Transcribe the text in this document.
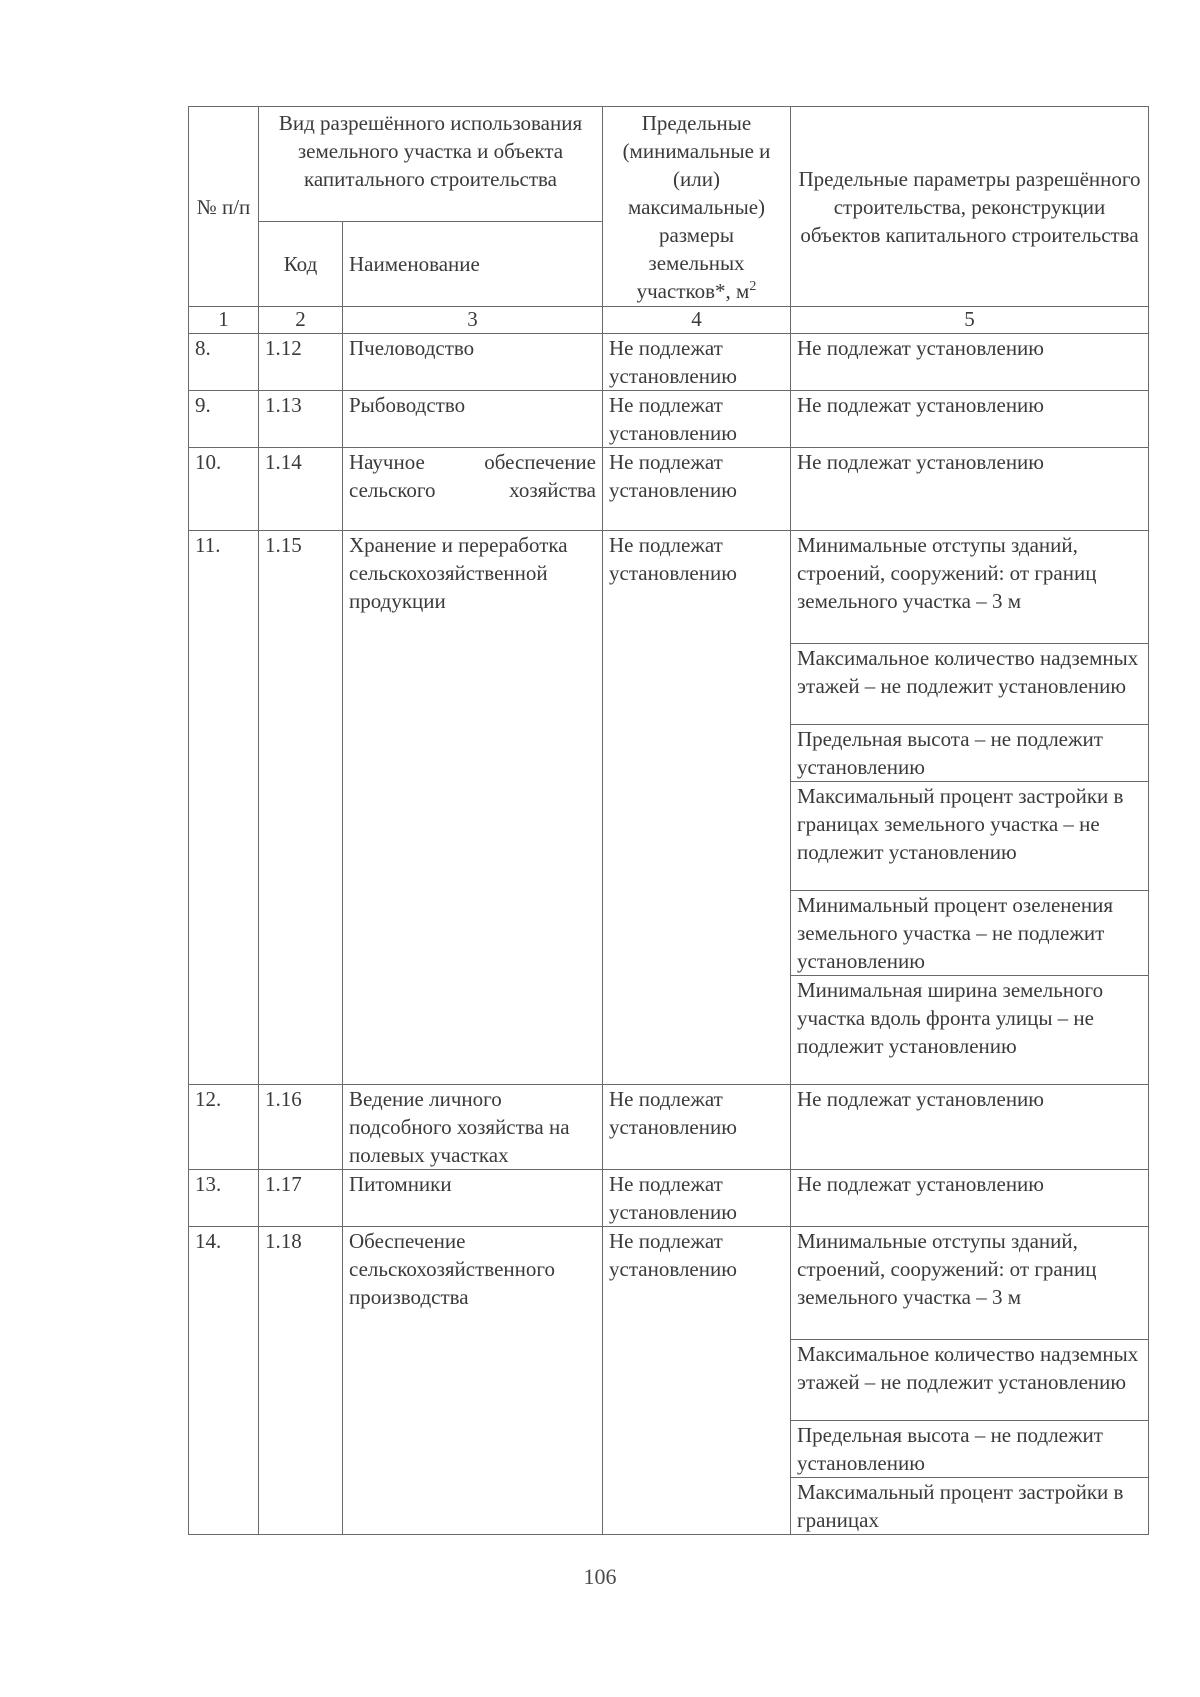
№ п/п	Вид разрешённого использования земельного участка и объекта капитального строительства		Предельные (минимальные и (или) максимальные) размеры земельных участков*, $м^2$	Предельные параметры разрешённого строительства, реконструкции объектов капитального строительства
	Код	Наименование		
1	2	3	4	5

8.	1.12	Пчеловодство	Не подлежат установлению	Не подлежат установлению

9.	1.13	Рыбоводство	Не подлежат установлению	Не подлежат установлению

10.	1.14	Научное обеспечение сельского хозяйства	Не подлежат установлению	Не подлежат установлению

11.	1.15	Хранение и переработка сельскохозяйственной продукции	Не подлежат установлению	Минимальные отступы зданий, строений, сооружений: от границ земельного участка – 3 м

				Максимальное количество надземных этажей – не подлежит установлению

				Предельная высота – не подлежит установлению

				Максимальный процент застройки в границах земельного участка – не подлежит установлению

				Минимальный процент озеленения земельного участка – не подлежит установлению

				Минимальная ширина земельного участка вдоль фронта улицы – не подлежит установлению

12.	1.16	Ведение личного подсобного хозяйства на полевых участках	Не подлежат установлению	Не подлежат установлению

13.	1.17	Питомники	Не подлежат установлению	Не подлежат установлению

14.	1.18	Обеспечение сельскохозяйственного производства	Не подлежат установлению	Минимальные отступы зданий, строений, сооружений: от границ земельного участка – 3 м

				Максимальное количество надземных этажей – не подлежит установлению

				Предельная высота – не подлежит установлению

				Максимальный процент застройки в границах
106
